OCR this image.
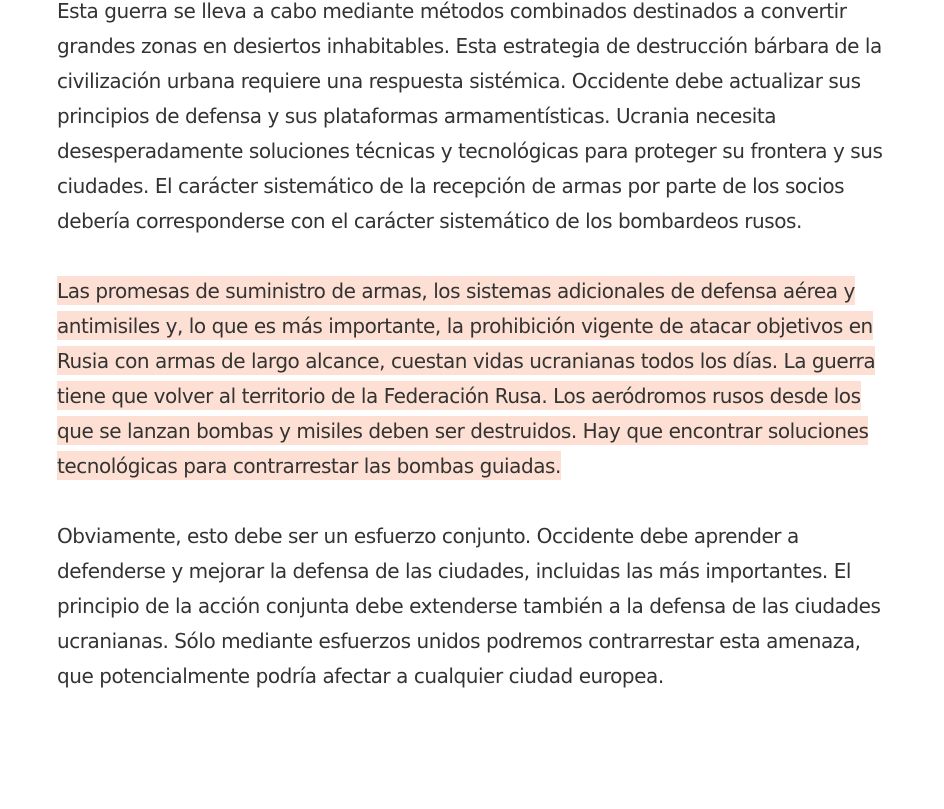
Esta guerra se lleva a cabo mediante métodos combinados destinados a convertir grandes zonas en desiertos inhabitables. Esta estrategia de destrucción bárbara de la civilización urbana requiere una respuesta sistémica. Occidente debe actualizar sus principios de defensa y sus plataformas armamentísticas. Ucrania necesita desesperadamente soluciones técnicas y tecnológicas para proteger su frontera y sus ciudades. El carácter sistemático de la recepción de armas por parte de los socios debería corresponderse con el carácter sistemático de los bombardeos rusos.

Las promesas de suministro de armas, los sistemas adicionales de defensa aérea y antimisiles y, lo que es más importante, la prohibición vigente de atacar objetivos en Rusia con armas de largo alcance, cuestan vidas ucranianas todos los días. La guerra tiene que volver al territorio de la Federación Rusa. Los aeródromos rusos desde los que se lanzan bombas y misiles deben ser destruidos. Hay que encontrar soluciones tecnológicas para contrarrestar las bombas guiadas.

Obviamente, esto debe ser un esfuerzo conjunto. Occidente debe aprender a defenderse y mejorar la defensa de las ciudades, incluidas las más importantes. El principio de la acción conjunta debe extenderse también a la defensa de las ciudades ucranianas. Sólo mediante esfuerzos unidos podremos contrarrestar esta amenaza, que potencialmente podría afectar a cualquier ciudad europea.
